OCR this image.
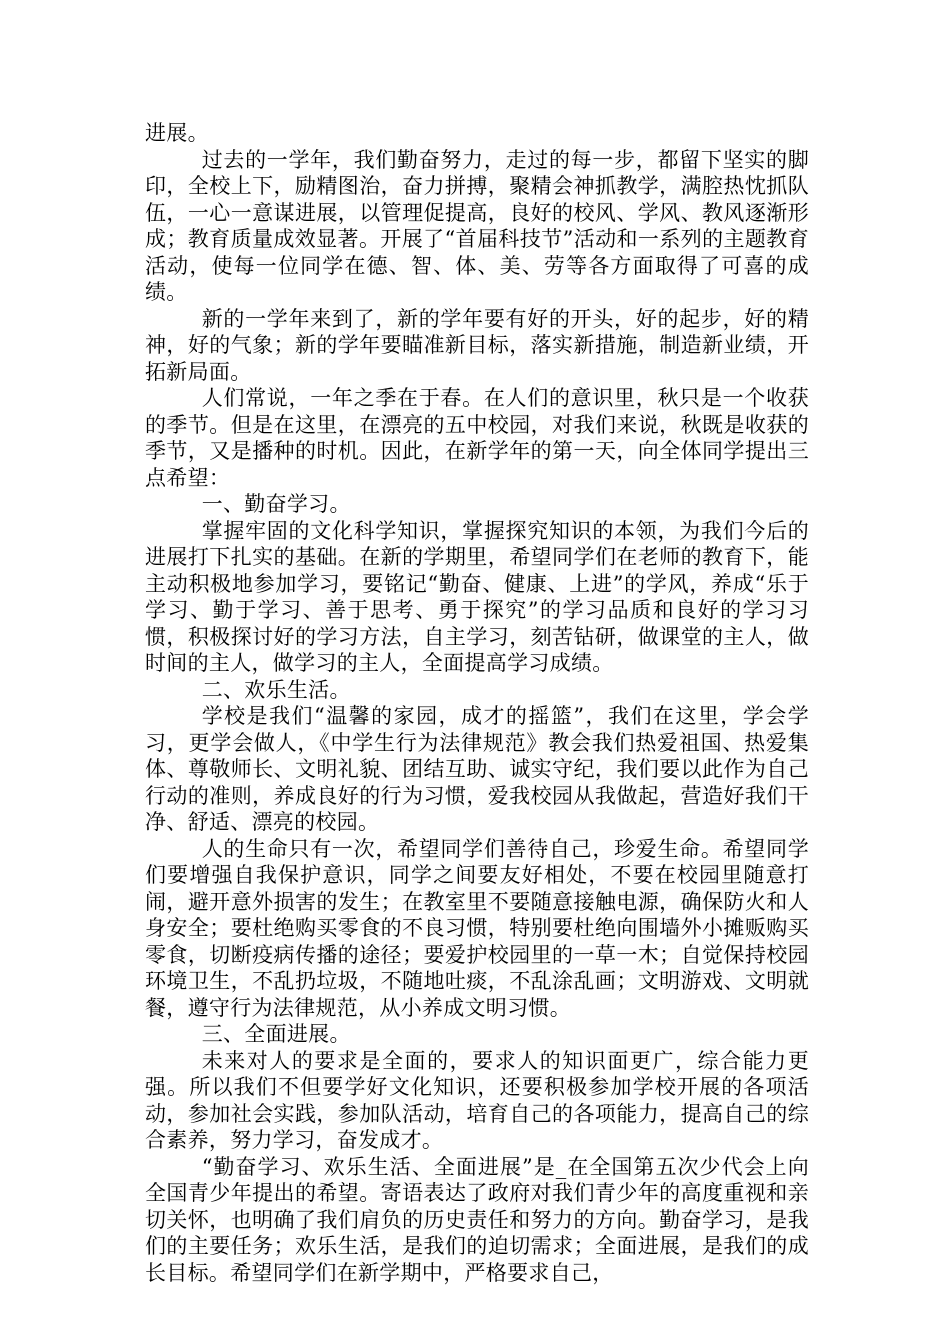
进展。

过去的一学年，我们勤奋努力，走过的每一步，都留下坚实的脚印，全校上下，励精图治，奋力拼搏，聚精会神抓教学，满腔热忱抓队伍，一心一意谋进展，以管理促提高，良好的校风、学风、教风逐渐形成；教育质量成效显著。开展了“首届科技节”活动和一系列的主题教育活动，使每一位同学在德、智、体、美、劳等各方面取得了可喜的成绩。

新的一学年来到了，新的学年要有好的开头，好的起步，好的精神，好的气象；新的学年要瞄准新目标，落实新措施，制造新业绩，开拓新局面。

人们常说，一年之季在于春。在人们的意识里，秋只是一个收获的季节。但是在这里，在漂亮的五中校园，对我们来说，秋既是收获的季节，又是播种的时机。因此，在新学年的第一天，向全体同学提出三点希望：

一、勤奋学习。

掌握牢固的文化科学知识，掌握探究知识的本领，为我们今后的进展打下扎实的基础。在新的学期里，希望同学们在老师的教育下，能主动积极地参加学习，要铭记“勤奋、健康、上进”的学风，养成“乐于学习、勤于学习、善于思考、勇于探究”的学习品质和良好的学习习惯，积极探讨好的学习方法，自主学习，刻苦钻研，做课堂的主人，做时间的主人，做学习的主人，全面提高学习成绩。

二、欢乐生活。

学校是我们“温馨的家园，成才的摇篮”，我们在这里，学会学习，更学会做人，《中学生行为法律规范》教会我们热爱祖国、热爱集体、尊敬师长、文明礼貌、团结互助、诚实守纪，我们要以此作为自己行动的准则，养成良好的行为习惯，爱我校园从我做起，营造好我们干净、舒适、漂亮的校园。

人的生命只有一次，希望同学们善待自己，珍爱生命。希望同学们要增强自我保护意识，同学之间要友好相处，不要在校园里随意打闹，避开意外损害的发生；在教室里不要随意接触电源，确保防火和人身安全；要杜绝购买零食的不良习惯，特别要杜绝向围墙外小摊贩购买零食，切断疫病传播的途径；要爱护校园里的一草一木；自觉保持校园环境卫生，不乱扔垃圾，不随地吐痰，不乱涂乱画；文明游戏、文明就餐，遵守行为法律规范，从小养成文明习惯。

三、全面进展。

未来对人的要求是全面的，要求人的知识面更广，综合能力更强。所以我们不但要学好文化知识，还要积极参加学校开展的各项活动，参加社会实践，参加队活动，培育自己的各项能力，提高自己的综合素养，努力学习，奋发成才。

“勤奋学习、欢乐生活、全面进展”是_在全国第五次少代会上向全国青少年提出的希望。寄语表达了政府对我们青少年的高度重视和亲切关怀，也明确了我们肩负的历史责任和努力的方向。勤奋学习，是我们的主要任务；欢乐生活，是我们的迫切需求；全面进展，是我们的成长目标。希望同学们在新学期中，严格要求自己，
